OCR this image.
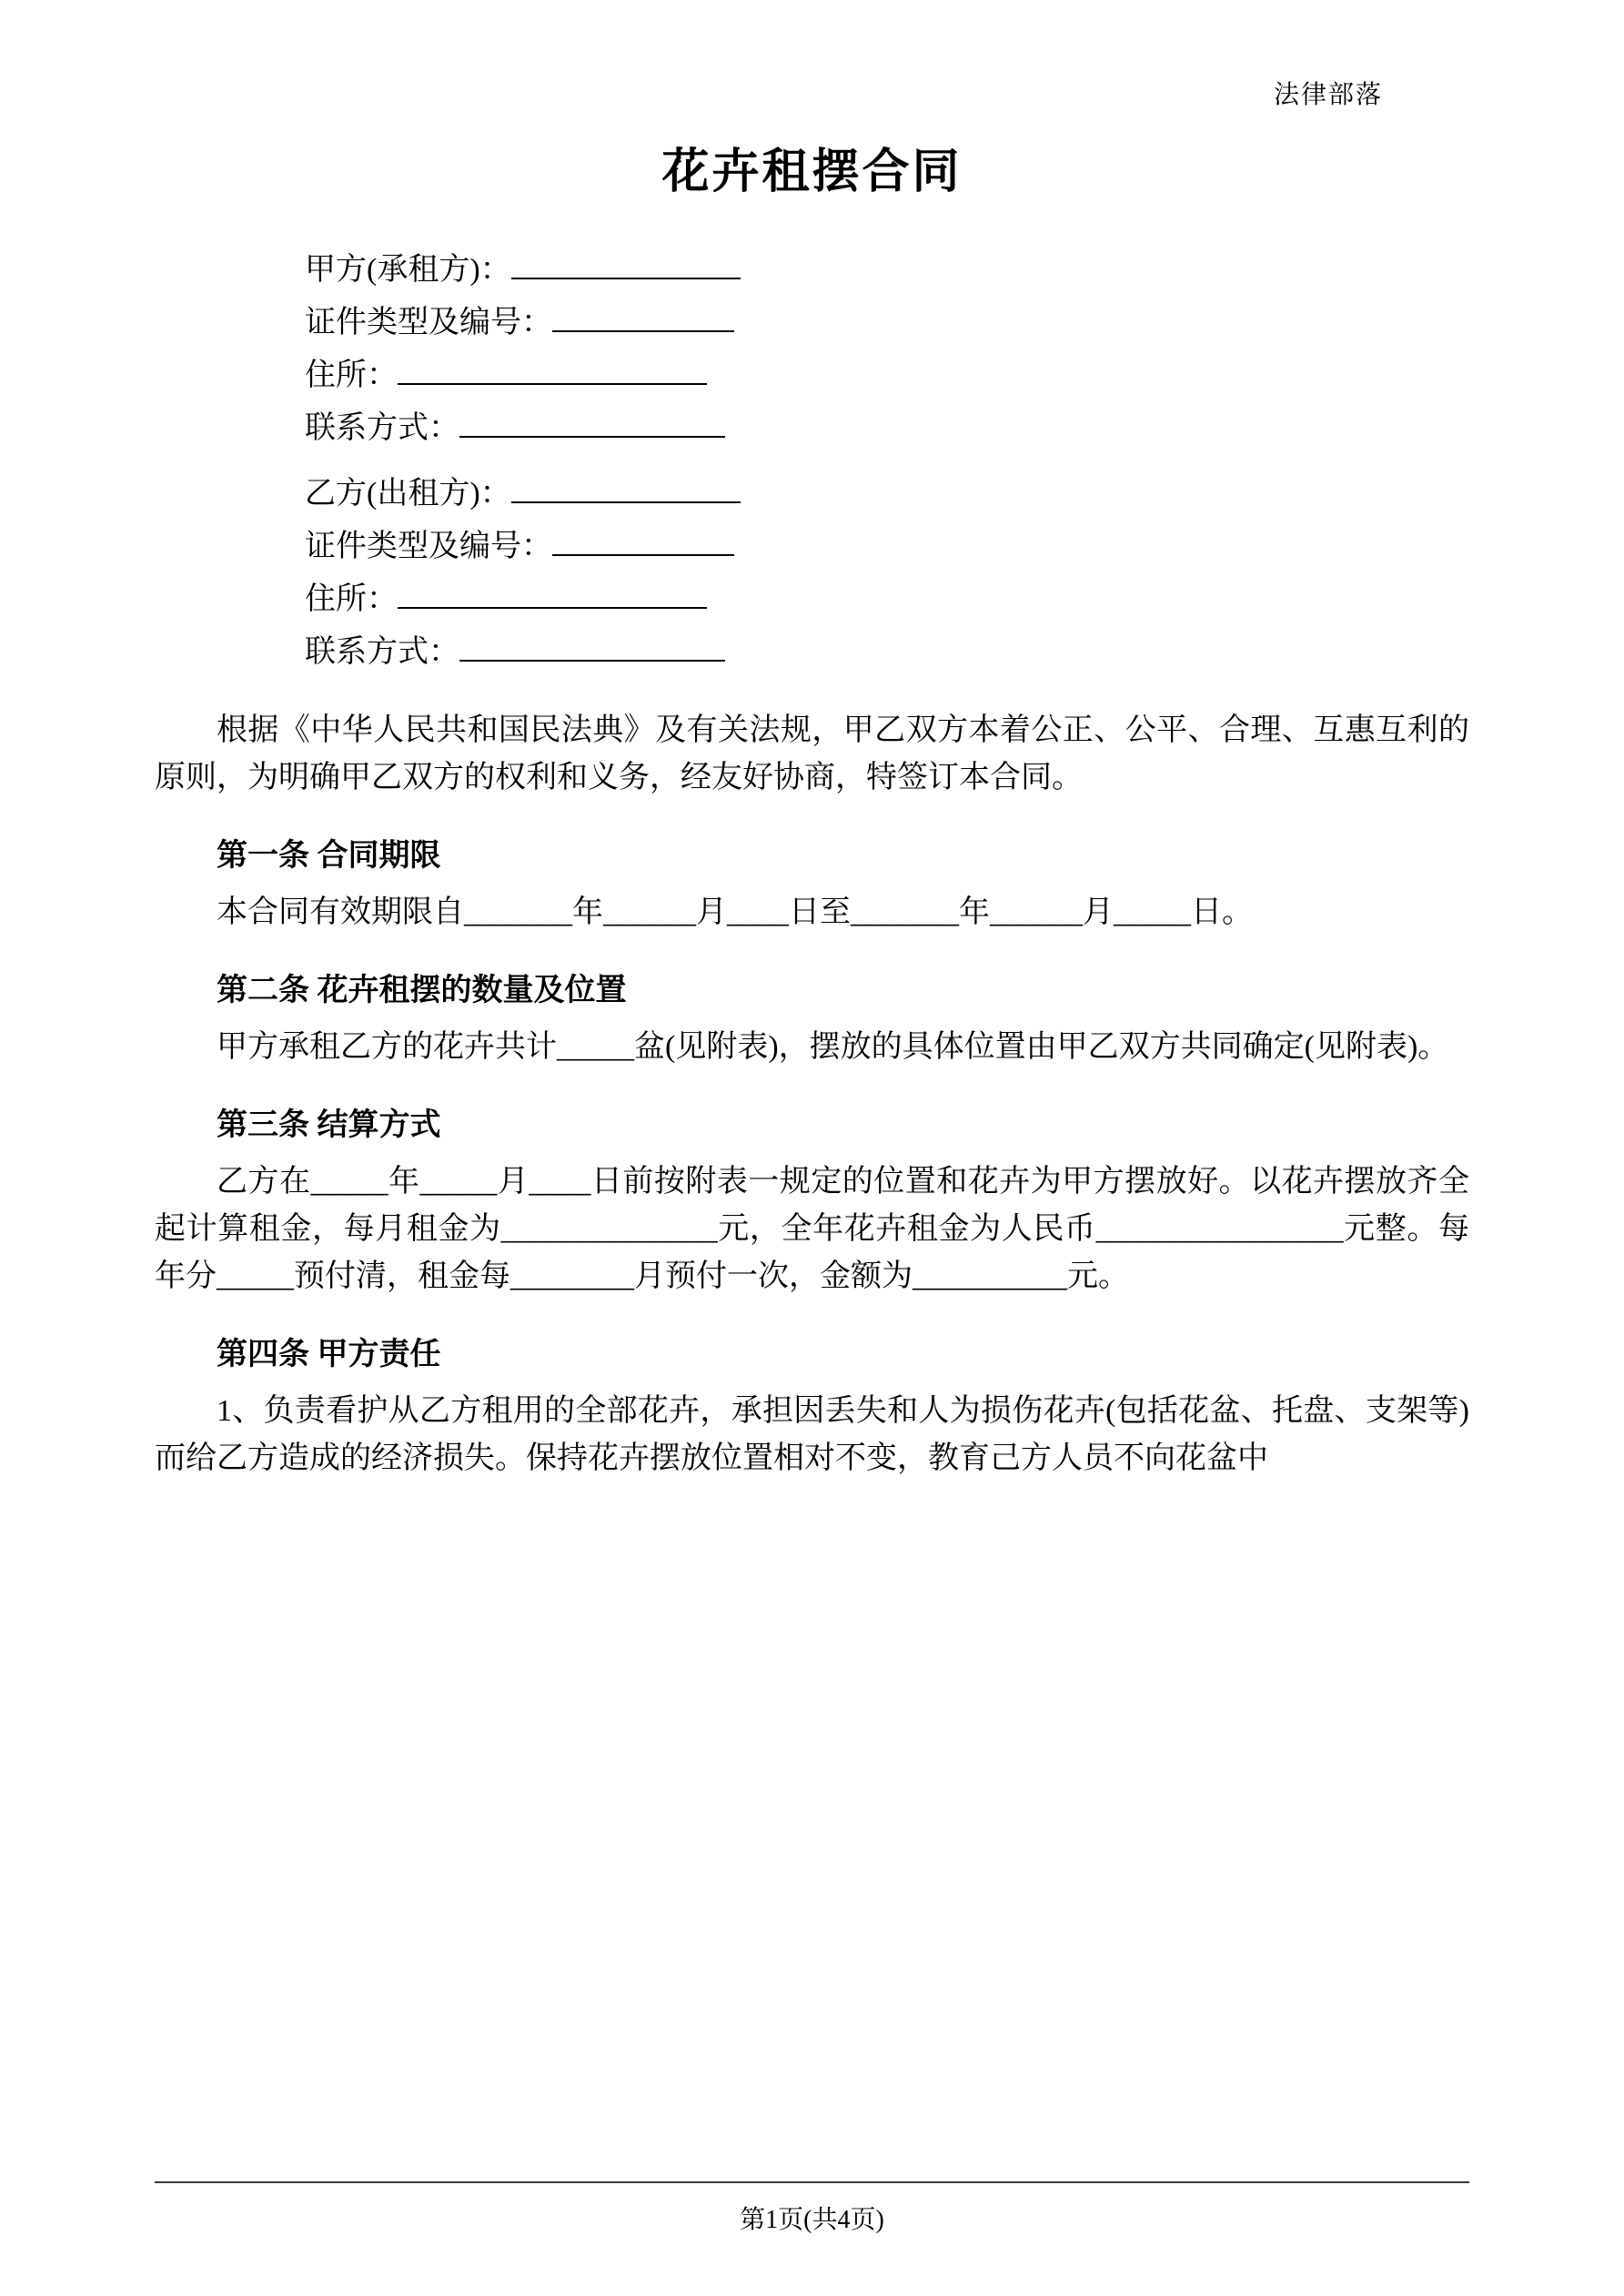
法律部落
花卉租摆合同

甲方(承租方)：

证件类型及编号：

住所：

联系方式：

乙方(出租方)：

证件类型及编号：

住所：

联系方式：

根据《中华人民共和国民法典》及有关法规，甲乙双方本着公正、公平、合理、互惠互利的原则，为明确甲乙双方的权利和义务，经友好协商，特签订本合同。

第一条 合同期限

本合同有效期限自_______年______月____日至_______年______月_____日。

第二条 花卉租摆的数量及位置

甲方承租乙方的花卉共计_____盆(见附表)，摆放的具体位置由甲乙双方共同确定(见附表)。

第三条 结算方式

乙方在_____年_____月____日前按附表一规定的位置和花卉为甲方摆放好。以花卉摆放齐全起计算租金，每月租金为______________元，全年花卉租金为人民币________________元整。每年分_____预付清，租金每________月预付一次，金额为__________元。

第四条 甲方责任

1、负责看护从乙方租用的全部花卉，承担因丢失和人为损伤花卉(包括花盆、托盘、支架等)而给乙方造成的经济损失。保持花卉摆放位置相对不变，教育己方人员不向花盆中

第1页(共4页)
